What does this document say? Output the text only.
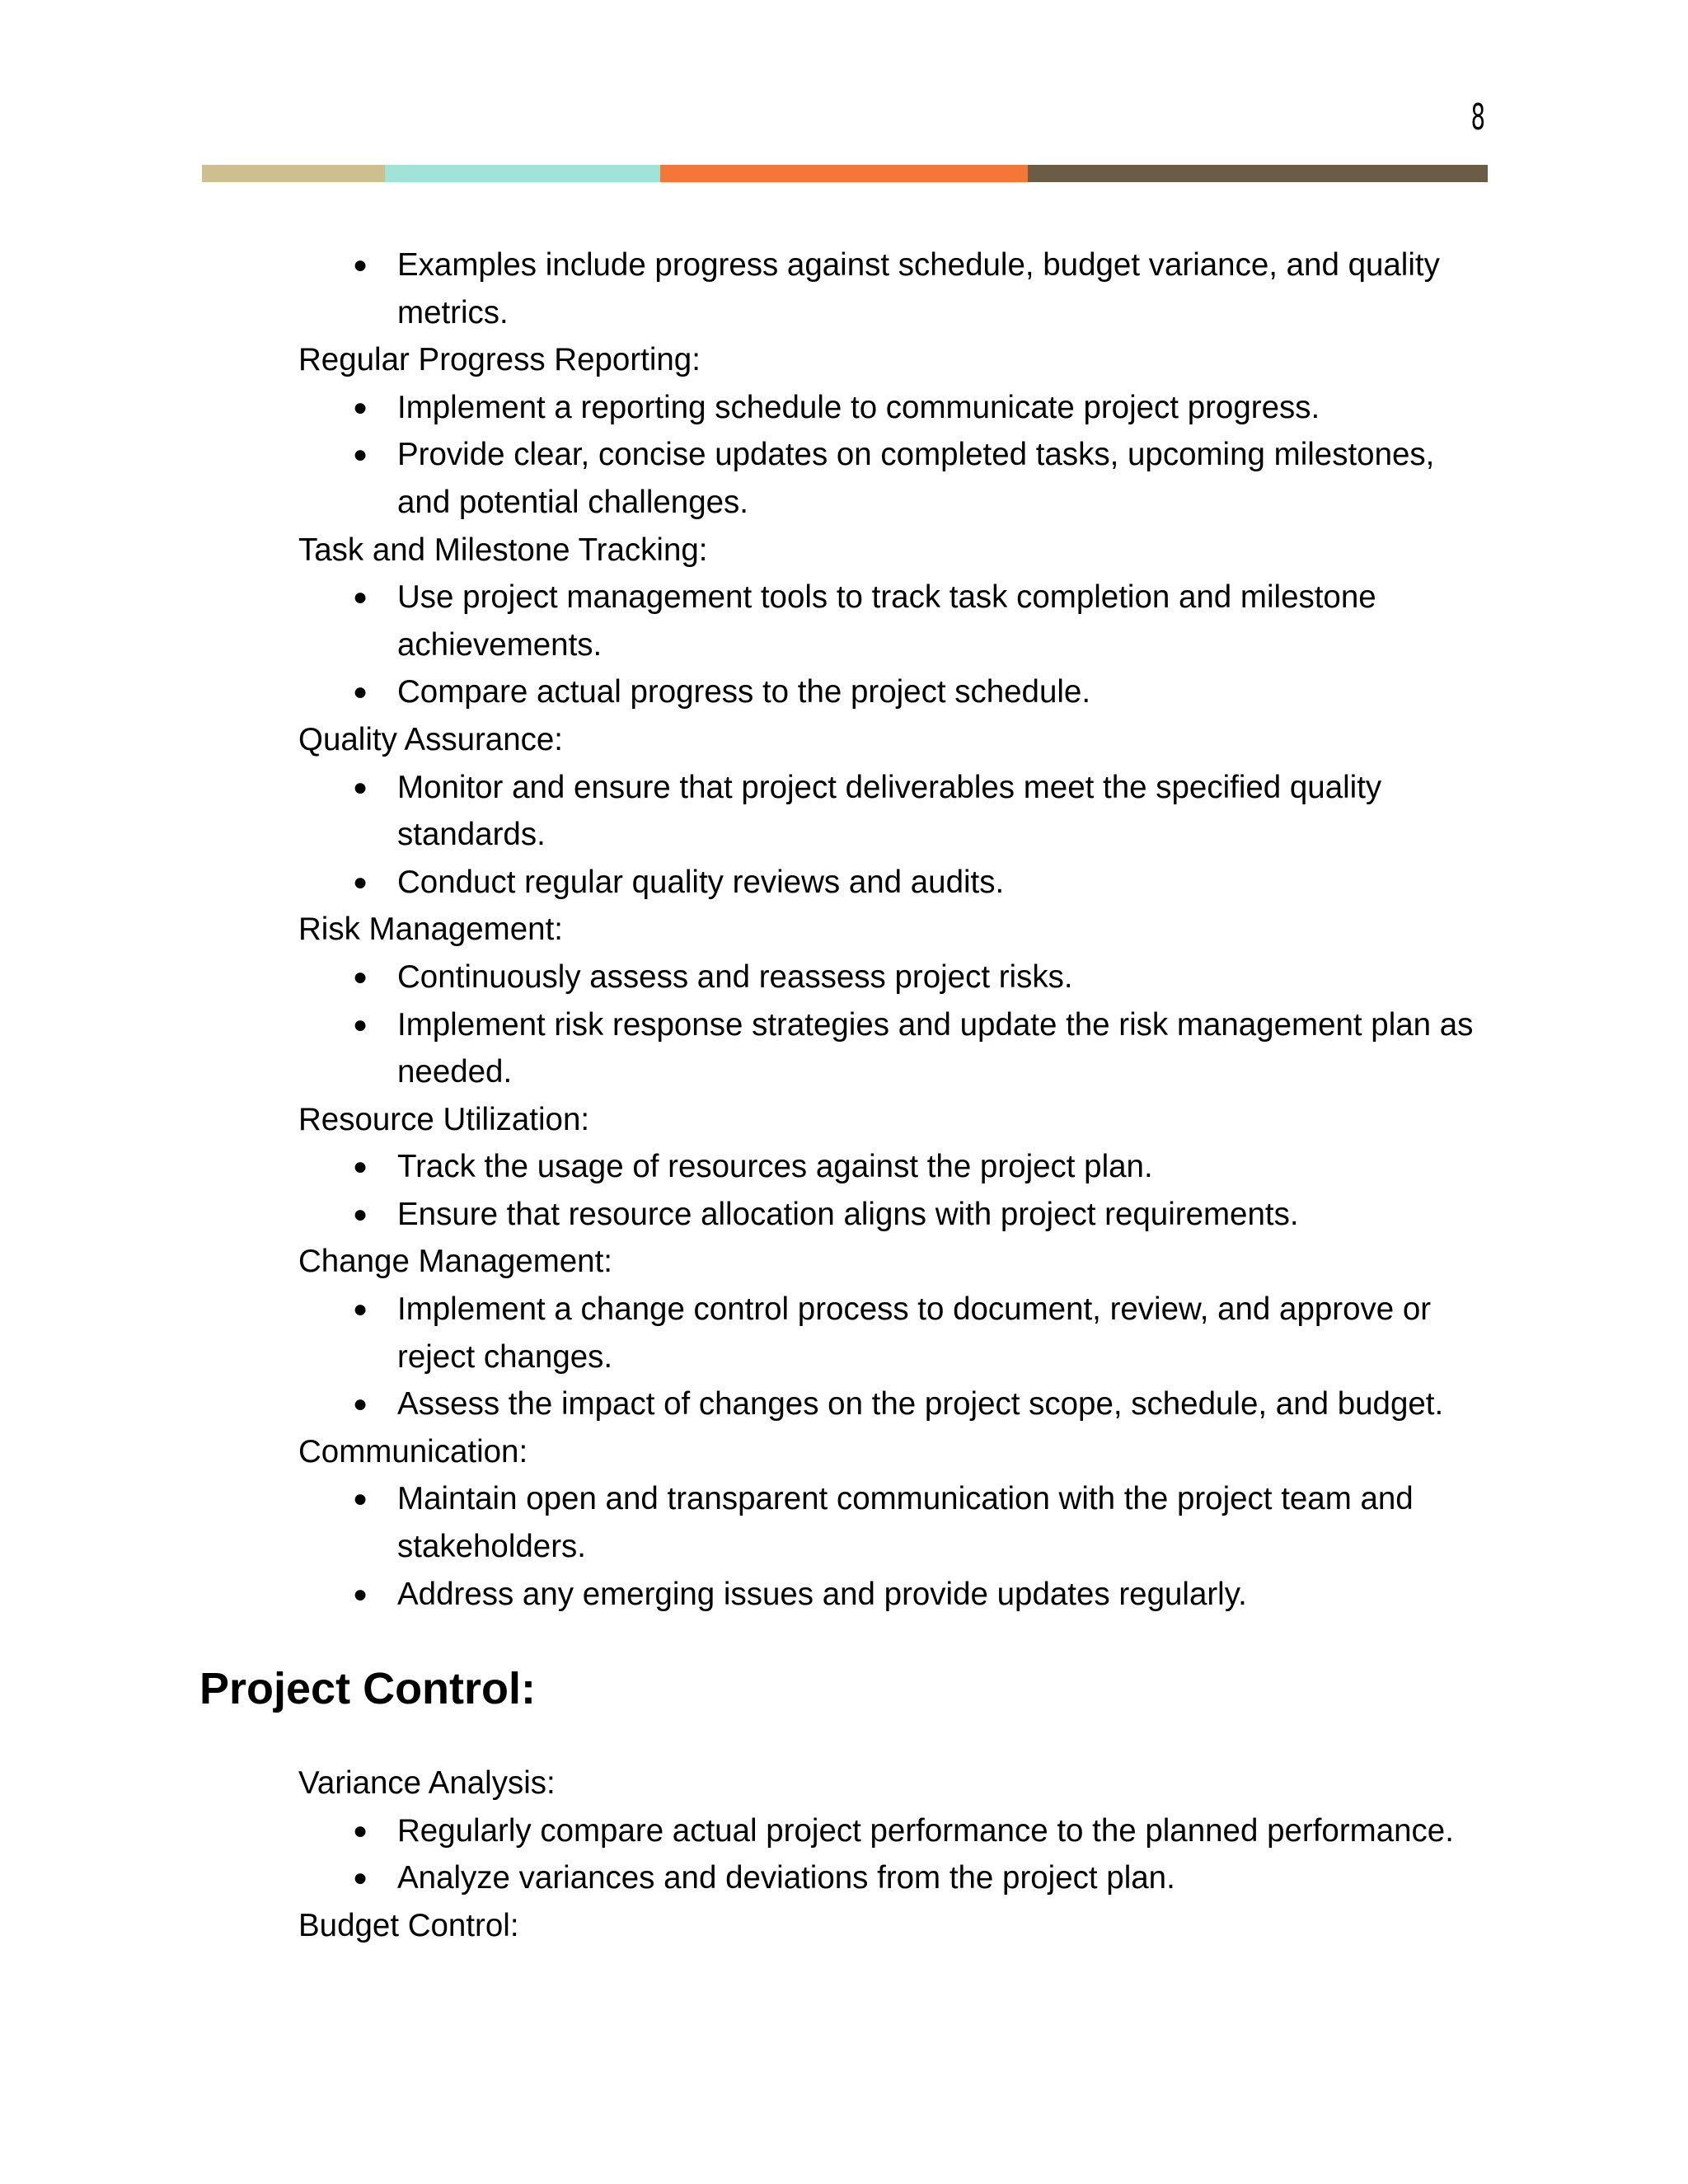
8
● Examples include progress against schedule, budget variance, and quality metrics.
Regular Progress Reporting:
● Implement a reporting schedule to communicate project progress.
● Provide clear, concise updates on completed tasks, upcoming milestones, and potential challenges.
Task and Milestone Tracking:
● Use project management tools to track task completion and milestone achievements.
● Compare actual progress to the project schedule.
Quality Assurance:
● Monitor and ensure that project deliverables meet the specified quality standards.
● Conduct regular quality reviews and audits.
Risk Management:
● Continuously assess and reassess project risks.
● Implement risk response strategies and update the risk management plan as needed.
Resource Utilization:
● Track the usage of resources against the project plan.
● Ensure that resource allocation aligns with project requirements.
Change Management:
● Implement a change control process to document, review, and approve or reject changes.
● Assess the impact of changes on the project scope, schedule, and budget.
Communication:
● Maintain open and transparent communication with the project team and stakeholders.
● Address any emerging issues and provide updates regularly.
Project Control:
Variance Analysis:
● Regularly compare actual project performance to the planned performance.
● Analyze variances and deviations from the project plan.
Budget Control:
